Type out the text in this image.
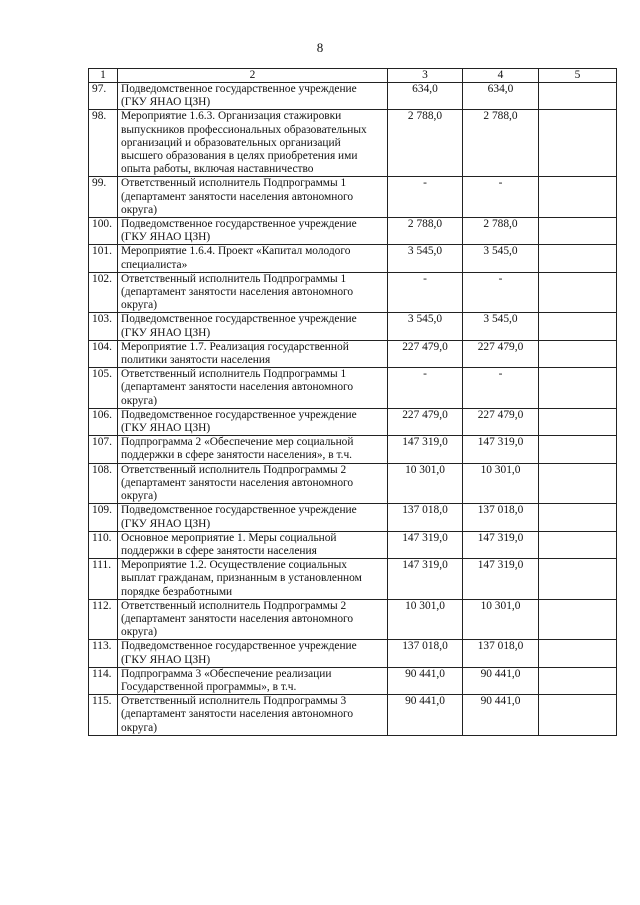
8
1	2	3	4	5
97.	Подведомственное государственное учреждение (ГКУ ЯНАО ЦЗН)	634,0	634,0	
98.	Мероприятие 1.6.3. Организация стажировки выпускников профессиональных образовательных организаций и образовательных организаций высшего образования в целях приобретения ими опыта работы, включая наставничество	2 788,0	2 788,0	
99.	Ответственный исполнитель Подпрограммы 1 (департамент занятости населения автономного округа)	-	-	
100.	Подведомственное государственное учреждение (ГКУ ЯНАО ЦЗН)	2 788,0	2 788,0	
101.	Мероприятие 1.6.4. Проект «Капитал молодого специалиста»	3 545,0	3 545,0	
102.	Ответственный исполнитель Подпрограммы 1 (департамент занятости населения автономного округа)	-	-	
103.	Подведомственное государственное учреждение (ГКУ ЯНАО ЦЗН)	3 545,0	3 545,0	
104.	Мероприятие 1.7. Реализация государственной политики занятости населения	227 479,0	227 479,0	
105.	Ответственный исполнитель Подпрограммы 1 (департамент занятости населения автономного округа)	-	-	
106.	Подведомственное государственное учреждение (ГКУ ЯНАО ЦЗН)	227 479,0	227 479,0	
107.	Подпрограмма 2 «Обеспечение мер социальной поддержки в сфере занятости населения», в т.ч.	147 319,0	147 319,0	
108.	Ответственный исполнитель Подпрограммы 2 (департамент занятости населения автономного округа)	10 301,0	10 301,0	
109.	Подведомственное государственное учреждение (ГКУ ЯНАО ЦЗН)	137 018,0	137 018,0	
110.	Основное мероприятие 1. Меры социальной поддержки в сфере занятости населения	147 319,0	147 319,0	
111.	Мероприятие 1.2. Осуществление социальных выплат гражданам, признанным в установленном порядке безработными	147 319,0	147 319,0	
112.	Ответственный исполнитель Подпрограммы 2 (департамент занятости населения автономного округа)	10 301,0	10 301,0	
113.	Подведомственное государственное учреждение (ГКУ ЯНАО ЦЗН)	137 018,0	137 018,0	
114.	Подпрограмма 3 «Обеспечение реализации Государственной программы», в т.ч.	90 441,0	90 441,0	
115.	Ответственный исполнитель Подпрограммы 3 (департамент занятости населения автономного округа)	90 441,0	90 441,0	
